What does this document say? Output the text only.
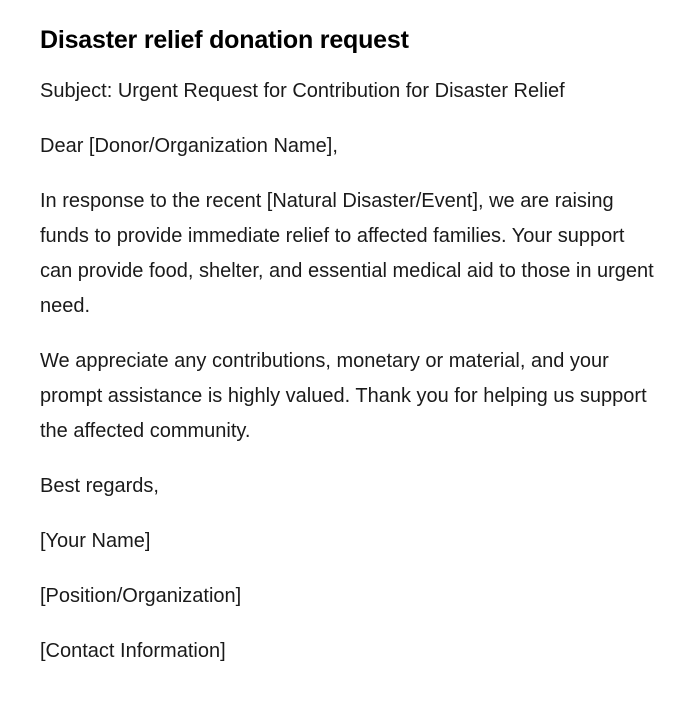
Disaster relief donation request

Subject: Urgent Request for Contribution for Disaster Relief

Dear [Donor/Organization Name],

In response to the recent [Natural Disaster/Event], we are raising funds to provide immediate relief to affected families. Your support can provide food, shelter, and essential medical aid to those in urgent need.

We appreciate any contributions, monetary or material, and your prompt assistance is highly valued. Thank you for helping us support the affected community.

Best regards,

[Your Name]

[Position/Organization]

[Contact Information]
